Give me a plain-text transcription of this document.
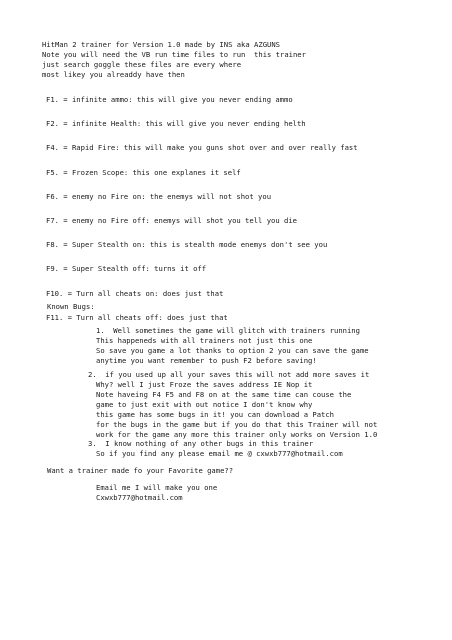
HitMan 2 trainer for Version 1.0 made by INS aka AZGUNS
Note you will need the VB run time files to run  this trainer
just search goggle these files are every where
most likey you alreaddy have then
F1. = infinite ammo: this will give you never ending ammo
F2. = infinite Health: this will give you never ending helth
F4. = Rapid Fire: this will make you guns shot over and over really fast
F5. = Frozen Scope: this one explanes it self
F6. = enemy no Fire on: the enemys will not shot you
F7. = enemy no Fire off: enemys will shot you tell you die
F8. = Super Stealth on: this is stealth mode enemys don't see you
F9. = Super Stealth off: turns it off
F10. = Turn all cheats on: does just that
F11. = Turn all cheats off: does just that
Known Bugs:
1.  Well sometimes the game will glitch with trainers running
This happeneds with all trainers not just this one
So save you game a lot thanks to option 2 you can save the game
anytime you want remember to push F2 before saving!
2.  if you used up all your saves this will not add more saves it
Why? well I just Froze the saves address IE Nop it
Note haveing F4 F5 and F8 on at the same time can couse the
game to just exit with out notice I don't know why
this game has some bugs in it! you can download a Patch
for the bugs in the game but if you do that this Trainer will not
work for the game any more this trainer only works on Version 1.0
3.  I know nothing of any other bugs in this trainer
So if you find any please email me @ cxwxb777@hotmail.com
Want a trainer made fo your Favorite game??
Email me I will make you one
Cxwxb777@hotmail.com
